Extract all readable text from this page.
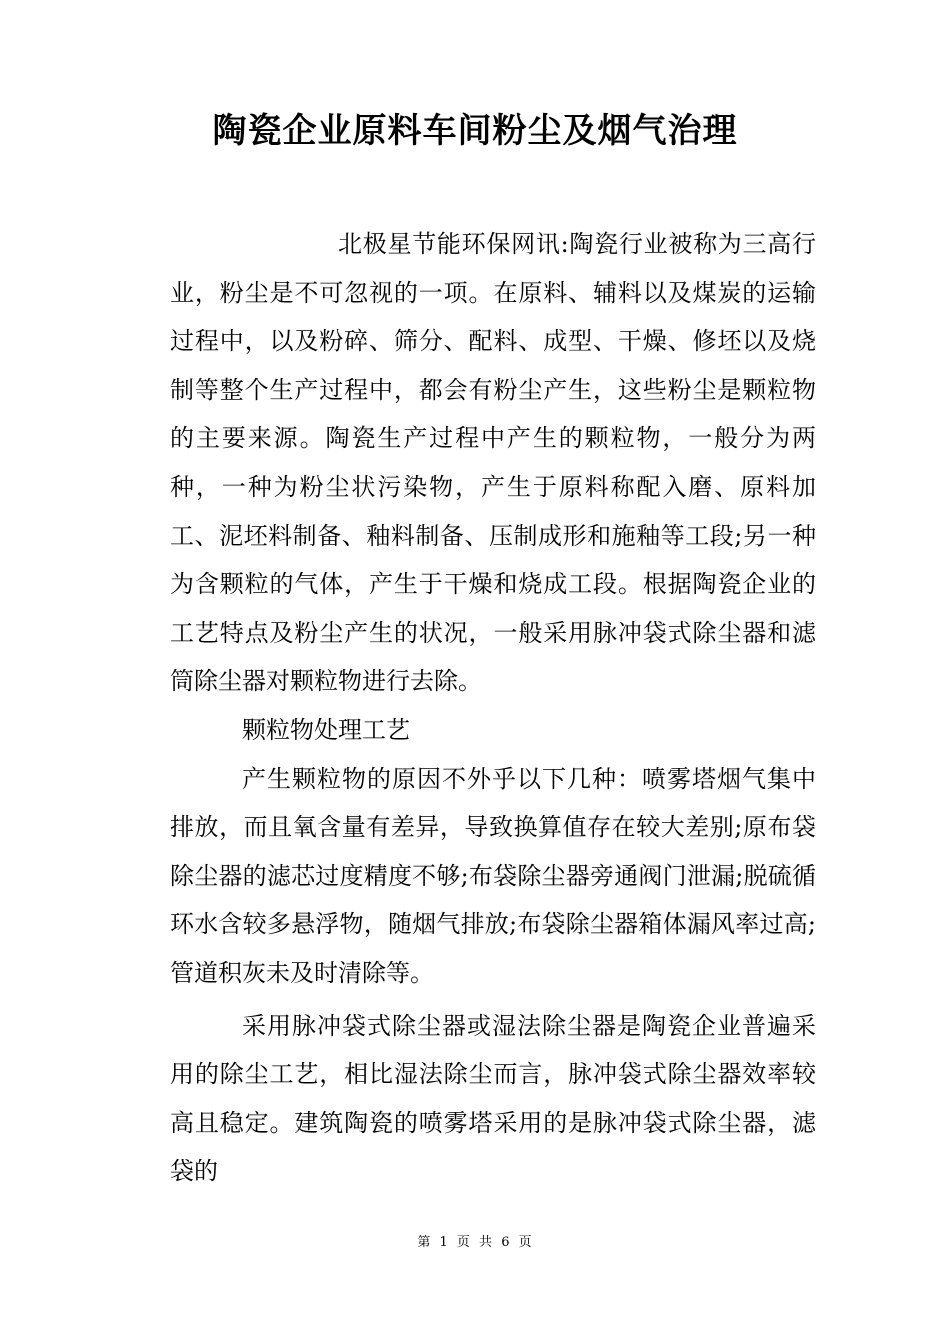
陶瓷企业原料车间粉尘及烟气治理

北极星节能环保网讯:陶瓷行业被称为三高行业，粉尘是不可忽视的一项。在原料、辅料以及煤炭的运输过程中，以及粉碎、筛分、配料、成型、干燥、修坯以及烧制等整个生产过程中，都会有粉尘产生，这些粉尘是颗粒物的主要来源。陶瓷生产过程中产生的颗粒物，一般分为两种，一种为粉尘状污染物，产生于原料称配入磨、原料加工、泥坯料制备、釉料制备、压制成形和施釉等工段;另一种为含颗粒的气体，产生于干燥和烧成工段。根据陶瓷企业的工艺特点及粉尘产生的状况，一般采用脉冲袋式除尘器和滤筒除尘器对颗粒物进行去除。

颗粒物处理工艺

产生颗粒物的原因不外乎以下几种：喷雾塔烟气集中排放，而且氧含量有差异，导致换算值存在较大差别;原布袋除尘器的滤芯过度精度不够;布袋除尘器旁通阀门泄漏;脱硫循环水含较多悬浮物，随烟气排放;布袋除尘器箱体漏风率过高;管道积灰未及时清除等。

采用脉冲袋式除尘器或湿法除尘器是陶瓷企业普遍采用的除尘工艺，相比湿法除尘而言，脉冲袋式除尘器效率较高且稳定。建筑陶瓷的喷雾塔采用的是脉冲袋式除尘器，滤袋的

第 1 页 共 6 页
